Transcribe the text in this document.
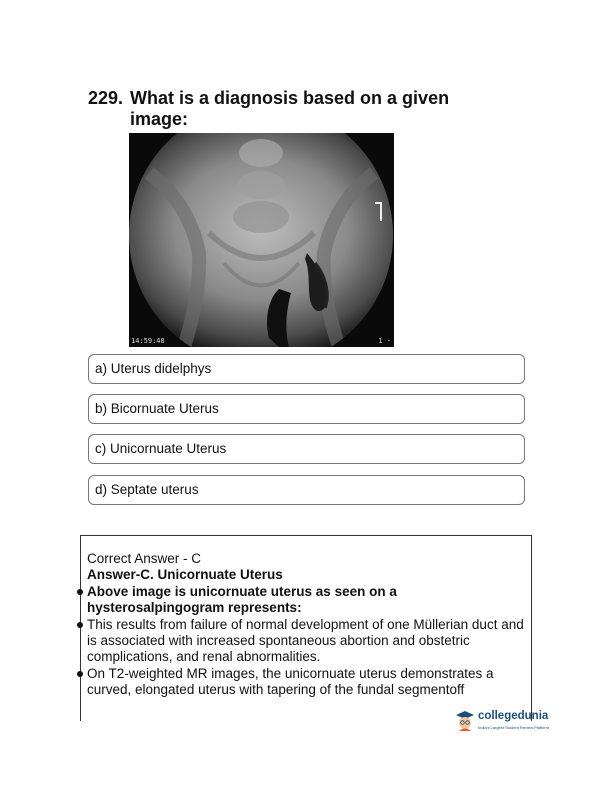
229. What is a diagnosis based on a given image:
14:59:48	1 -
a) Uterus didelphys
b) Bicornuate Uterus
c) Unicornuate Uterus
d) Septate uterus
Correct Answer - C
Answer-C. Unicornuate Uterus
Above image is unicornuate uterus as seen on a hysterosalpingogram represents:
This results from failure of normal development of one Müllerian duct and is associated with increased spontaneous abortion and obstetric complications, and renal abnormalities.
On T2-weighted MR images, the unicornuate uterus demonstrates a curved, elongated uterus with tapering of the fundal segmentoff
collegedunia
India's Largest Student Review Platform
